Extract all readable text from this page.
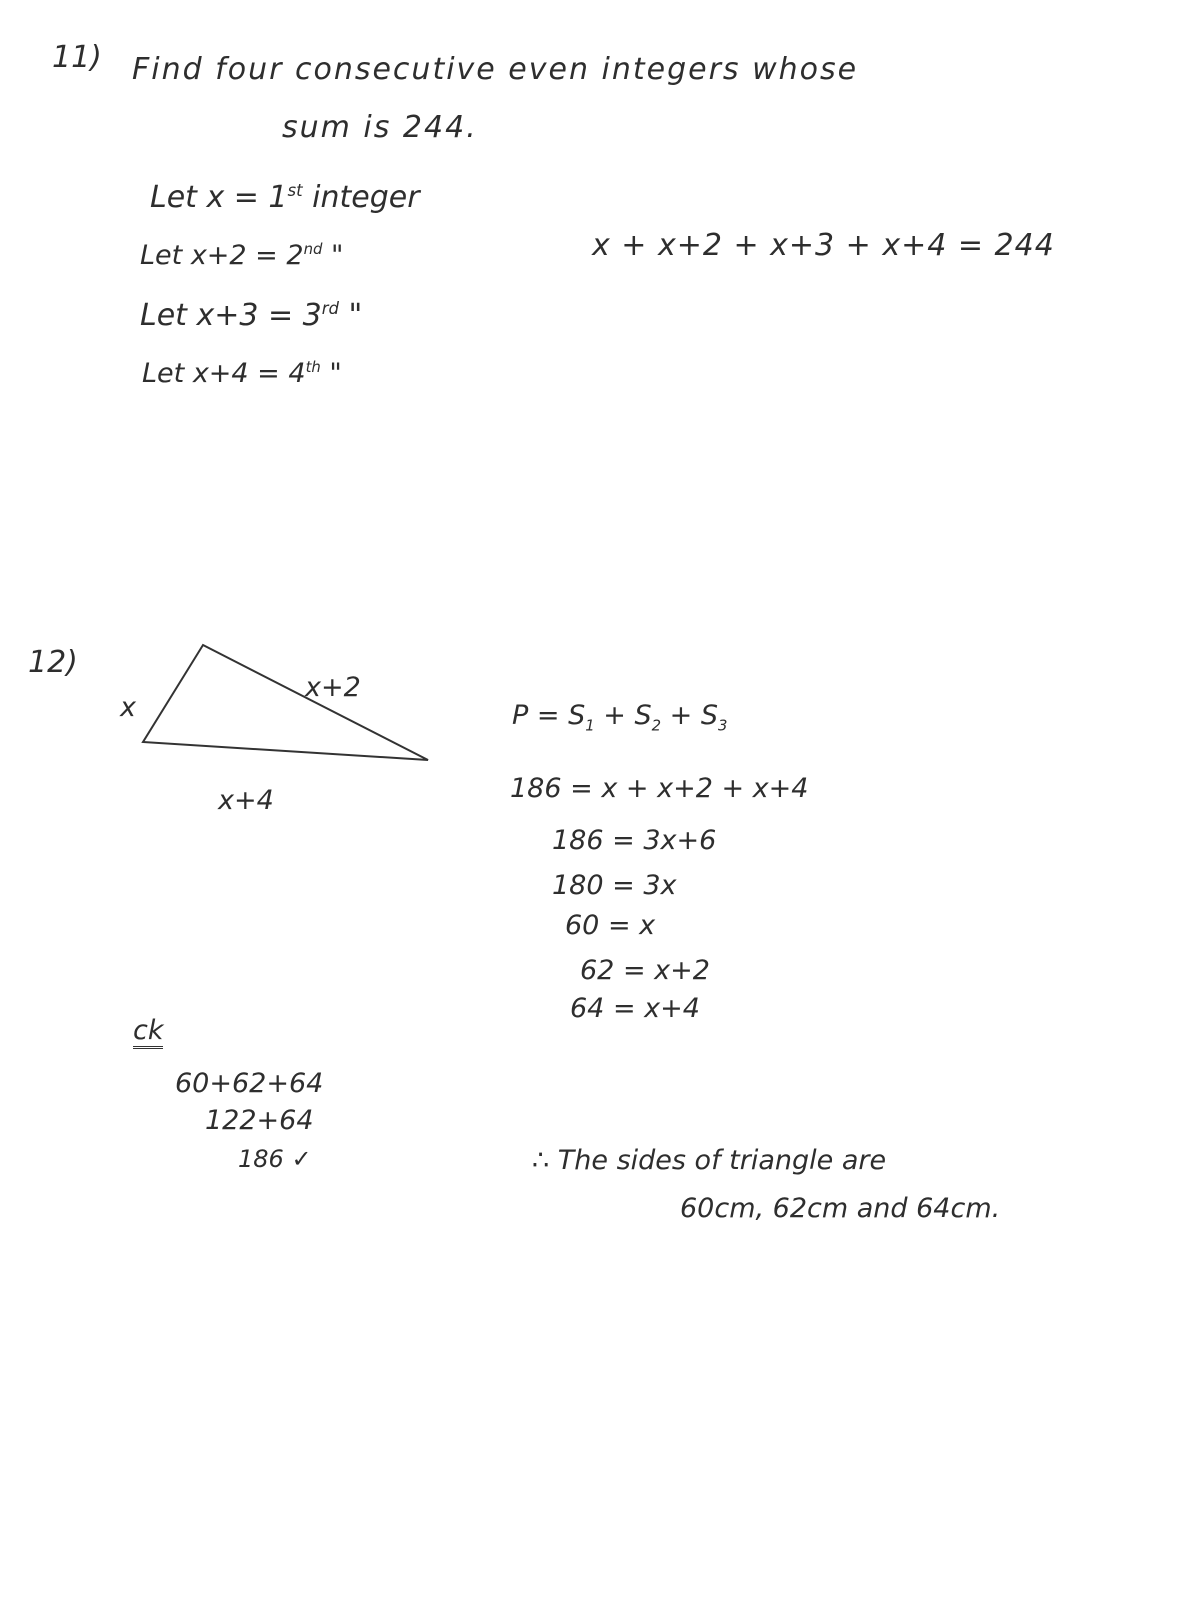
11) Find four consecutive even integers whose
sum is 244.
Let x = 1st integer
Let x+2 = 2nd "
Let x+3 = 3rd "
Let x+4 = 4th "
x + x+2 + x+3 + x+4 = 244
12)
x
x+2
x+4
$P = S_1 + S_2 + S_3$
186 = x + x+2 + x+4
186 = 3x+6
180 = 3x
60 = x
62 = x+2
64 = x+4
ck
60+62+64
122+64
186 ✓	∴ The sides of triangle are
60cm, 62cm and 64cm.
